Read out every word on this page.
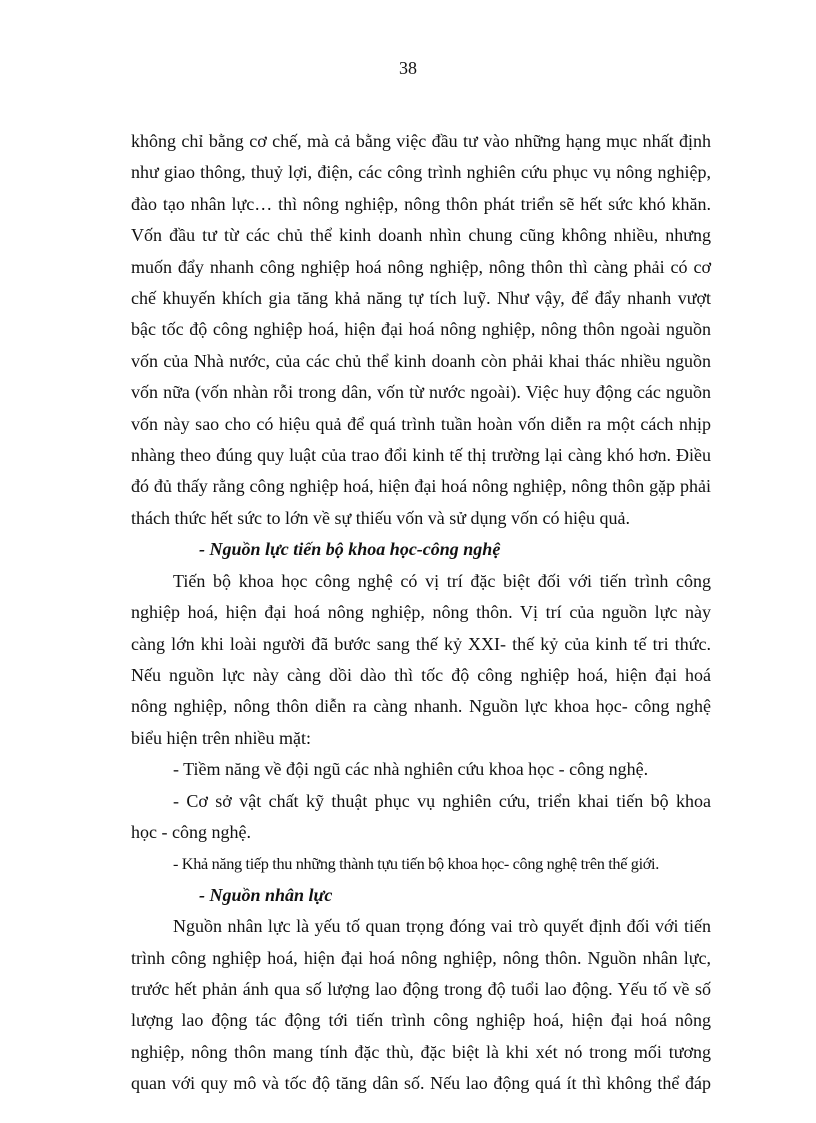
38
không chỉ bằng cơ chế, mà cả bằng việc đầu tư vào những hạng mục nhất định
như giao thông, thuỷ lợi, điện, các công trình nghiên cứu phục vụ nông nghiệp,
đào tạo nhân lực… thì nông nghiệp, nông thôn phát triển sẽ hết sức khó khăn.
Vốn đầu tư từ các chủ thể kinh doanh nhìn chung cũng không nhiều, nhưng
muốn đẩy nhanh công nghiệp hoá nông nghiệp, nông thôn thì càng phải có cơ
chế khuyến khích gia tăng khả năng tự tích luỹ. Như vậy, để đẩy nhanh vượt
bậc tốc độ công nghiệp hoá, hiện đại hoá nông nghiệp, nông thôn ngoài nguồn
vốn của Nhà nước, của các chủ thể kinh doanh còn phải khai thác nhiều nguồn
vốn nữa (vốn nhàn rỗi trong dân, vốn từ nước ngoài). Việc huy động các nguồn
vốn này sao cho có hiệu quả để quá trình tuần hoàn vốn diễn ra một cách nhịp
nhàng theo đúng quy luật của trao đổi kinh tế thị trường lại càng khó hơn. Điều
đó đủ thấy rằng công nghiệp hoá, hiện đại hoá nông nghiệp, nông thôn gặp phải
thách thức hết sức to lớn về sự thiếu vốn và sử dụng vốn có hiệu quả.
- Nguồn lực tiến bộ khoa học-công nghệ
Tiến bộ khoa học công nghệ có vị trí đặc biệt đối với tiến trình công
nghiệp hoá, hiện đại hoá nông nghiệp, nông thôn. Vị trí của nguồn lực này
càng lớn khi loài người đã bước sang thế kỷ XXI- thế kỷ của kinh tế tri thức.
Nếu nguồn lực này càng dồi dào thì tốc độ công nghiệp hoá, hiện đại hoá
nông nghiệp, nông thôn diễn ra càng nhanh. Nguồn lực khoa học- công nghệ
biểu hiện trên nhiều mặt:
- Tiềm năng về đội ngũ các nhà nghiên cứu khoa học - công nghệ.
- Cơ sở vật chất kỹ thuật phục vụ nghiên cứu, triển khai tiến bộ khoa
học - công nghệ.
- Khả năng tiếp thu những thành tựu tiến bộ khoa học- công nghệ trên thế giới.
- Nguồn nhân lực
Nguồn nhân lực là yếu tố quan trọng đóng vai trò quyết định đối với tiến
trình công nghiệp hoá, hiện đại hoá nông nghiệp, nông thôn. Nguồn nhân lực,
trước hết phản ánh qua số lượng lao động trong độ tuổi lao động. Yếu tố về số
lượng lao động tác động tới tiến trình công nghiệp hoá, hiện đại hoá nông
nghiệp, nông thôn mang tính đặc thù, đặc biệt là khi xét nó trong mối tương
quan với quy mô và tốc độ tăng dân số. Nếu lao động quá ít thì không thể đáp
